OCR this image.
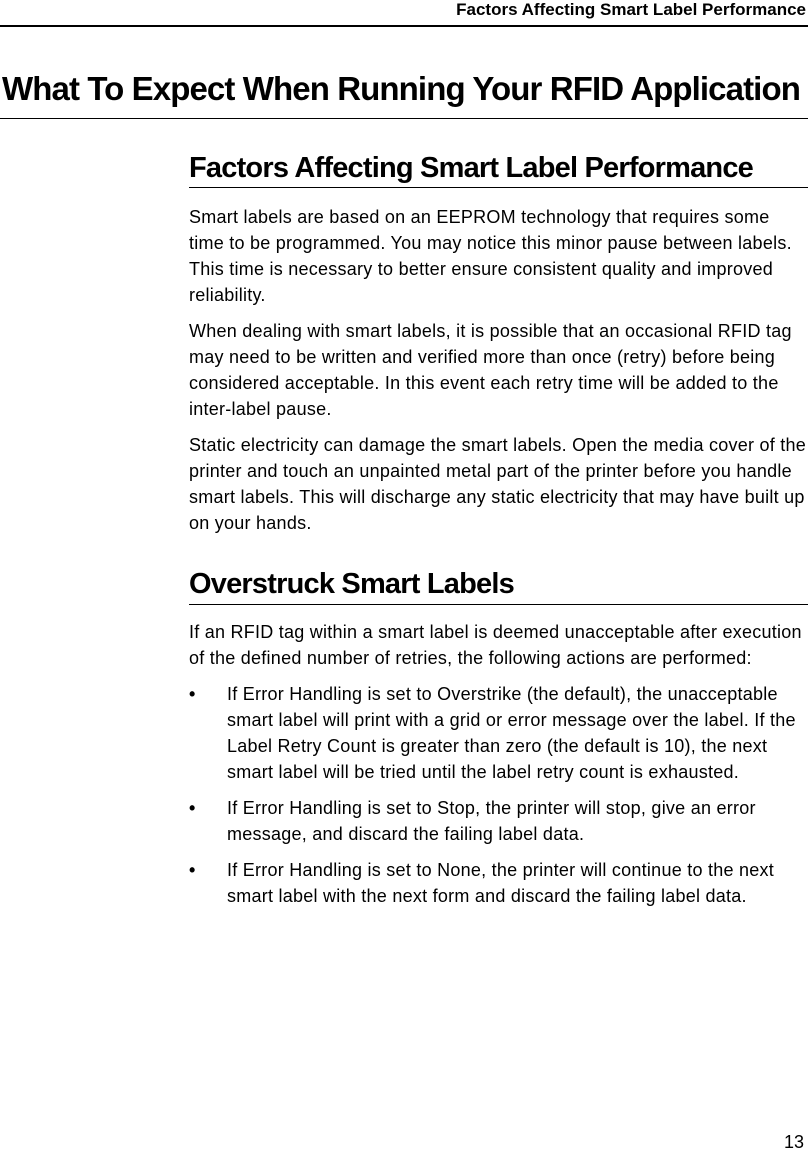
Factors Affecting Smart Label Performance
What To Expect When Running Your RFID Application
Factors Affecting Smart Label Performance

Smart labels are based on an EEPROM technology that requires some time to be programmed. You may notice this minor pause between labels. This time is necessary to better ensure consistent quality and improved reliability.

When dealing with smart labels, it is possible that an occasional RFID tag may need to be written and verified more than once (retry) before being considered acceptable. In this event each retry time will be added to the inter-label pause.

Static electricity can damage the smart labels. Open the media cover of the printer and touch an unpainted metal part of the printer before you handle smart labels. This will discharge any static electricity that may have built up on your hands.

Overstruck Smart Labels

If an RFID tag within a smart label is deemed unacceptable after execution of the defined number of retries, the following actions are performed:

• If Error Handling is set to Overstrike (the default), the unacceptable smart label will print with a grid or error message over the label. If the Label Retry Count is greater than zero (the default is 10), the next smart label will be tried until the label retry count is exhausted.
• If Error Handling is set to Stop, the printer will stop, give an error message, and discard the failing label data.
• If Error Handling is set to None, the printer will continue to the next smart label with the next form and discard the failing label data.
13
